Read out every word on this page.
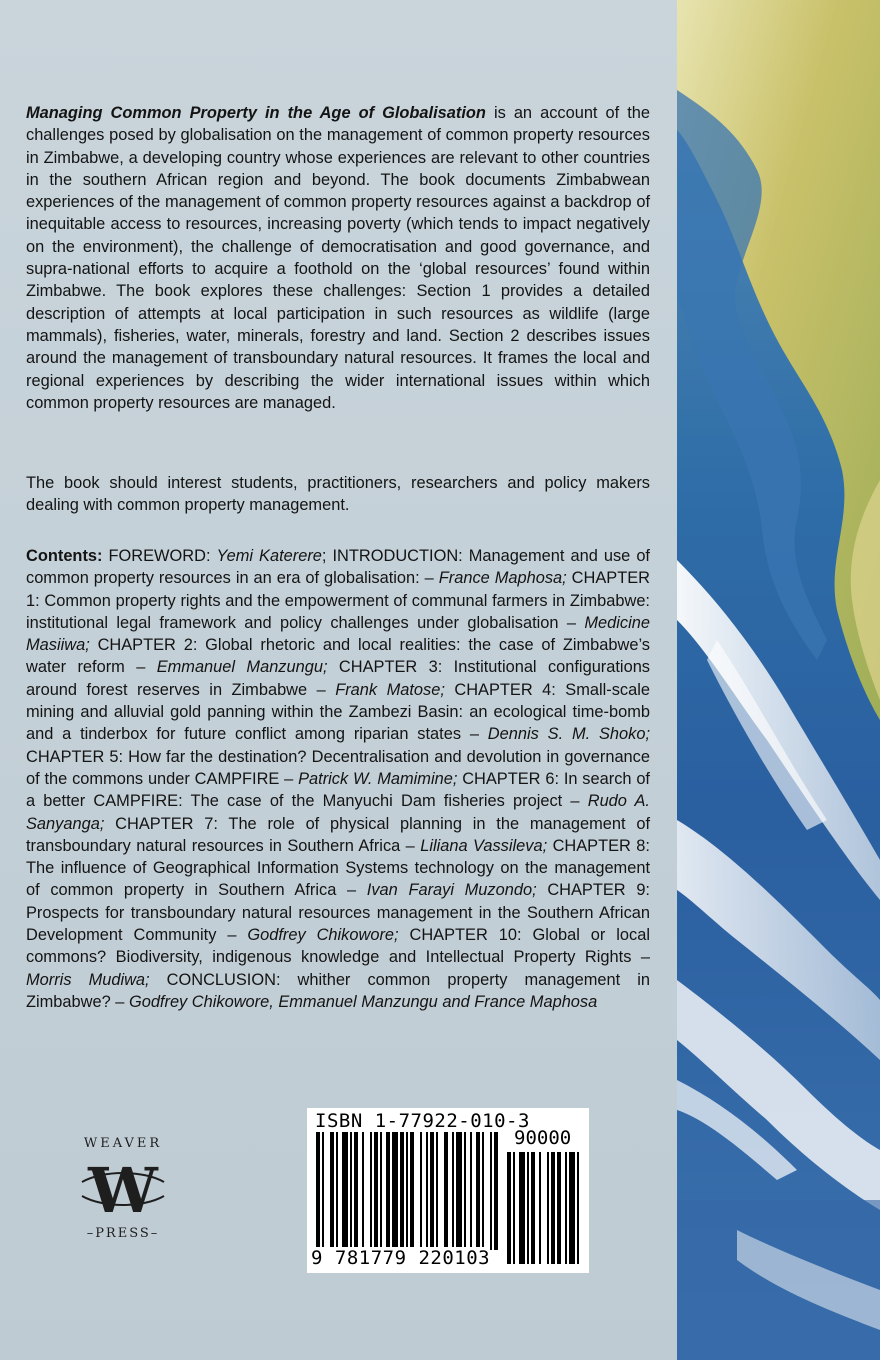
Managing Common Property in the Age of Globalisation is an account of the challenges posed by globalisation on the management of common property resources in Zimbabwe, a developing country whose experiences are relevant to other countries in the southern African region and beyond. The book documents Zimbabwean experiences of the management of common property resources against a backdrop of inequitable access to resources, increasing poverty (which tends to impact negatively on the environment), the challenge of democratisation and good governance, and supra-national efforts to acquire a foothold on the ‘global resources’ found within Zimbabwe. The book explores these challenges: Section 1 provides a detailed description of attempts at local participation in such resources as wildlife (large mammals), fisheries, water, minerals, forestry and land. Section 2 describes issues around the management of transboundary natural resources. It frames the local and regional experiences by describing the wider international issues within which common property resources are managed.

The book should interest students, practitioners, researchers and policy makers dealing with common property management.

Contents: FOREWORD: Yemi Katerere; INTRODUCTION: Management and use of common property resources in an era of globalisation: – France Maphosa; CHAPTER 1: Common property rights and the empowerment of communal farmers in Zimbabwe: institutional legal framework and policy challenges under globalisation – Medicine Masiiwa; CHAPTER 2: Global rhetoric and local realities: the case of Zimbabwe’s water reform – Emmanuel Manzungu; CHAPTER 3: Institutional configurations around forest reserves in Zimbabwe – Frank Matose; CHAPTER 4: Small-scale mining and alluvial gold panning within the Zambezi Basin: an ecological time-bomb and a tinderbox for future conflict among riparian states – Dennis S. M. Shoko; CHAPTER 5: How far the destination? Decentralisation and devolution in governance of the commons under CAMPFIRE – Patrick W. Mamimine; CHAPTER 6: In search of a better CAMPFIRE: The case of the Manyuchi Dam fisheries project – Rudo A. Sanyanga; CHAPTER 7: The role of physical planning in the management of transboundary natural resources in Southern Africa – Liliana Vassileva; CHAPTER 8: The influence of Geographical Information Systems technology on the management of common property in Southern Africa – Ivan Farayi Muzondo; CHAPTER 9: Prospects for transboundary natural resources management in the Southern African Development Community – Godfrey Chikowore; CHAPTER 10: Global or local commons? Biodiversity, indigenous knowledge and Intellectual Property Rights – Morris Mudiwa; CONCLUSION: whither common property management in Zimbabwe? – Godfrey Chikowore, Emmanuel Manzungu and France Maphosa

WEAVER
W
–PRESS–
ISBN 1-77922-010-3
90000
9 781779 220103
